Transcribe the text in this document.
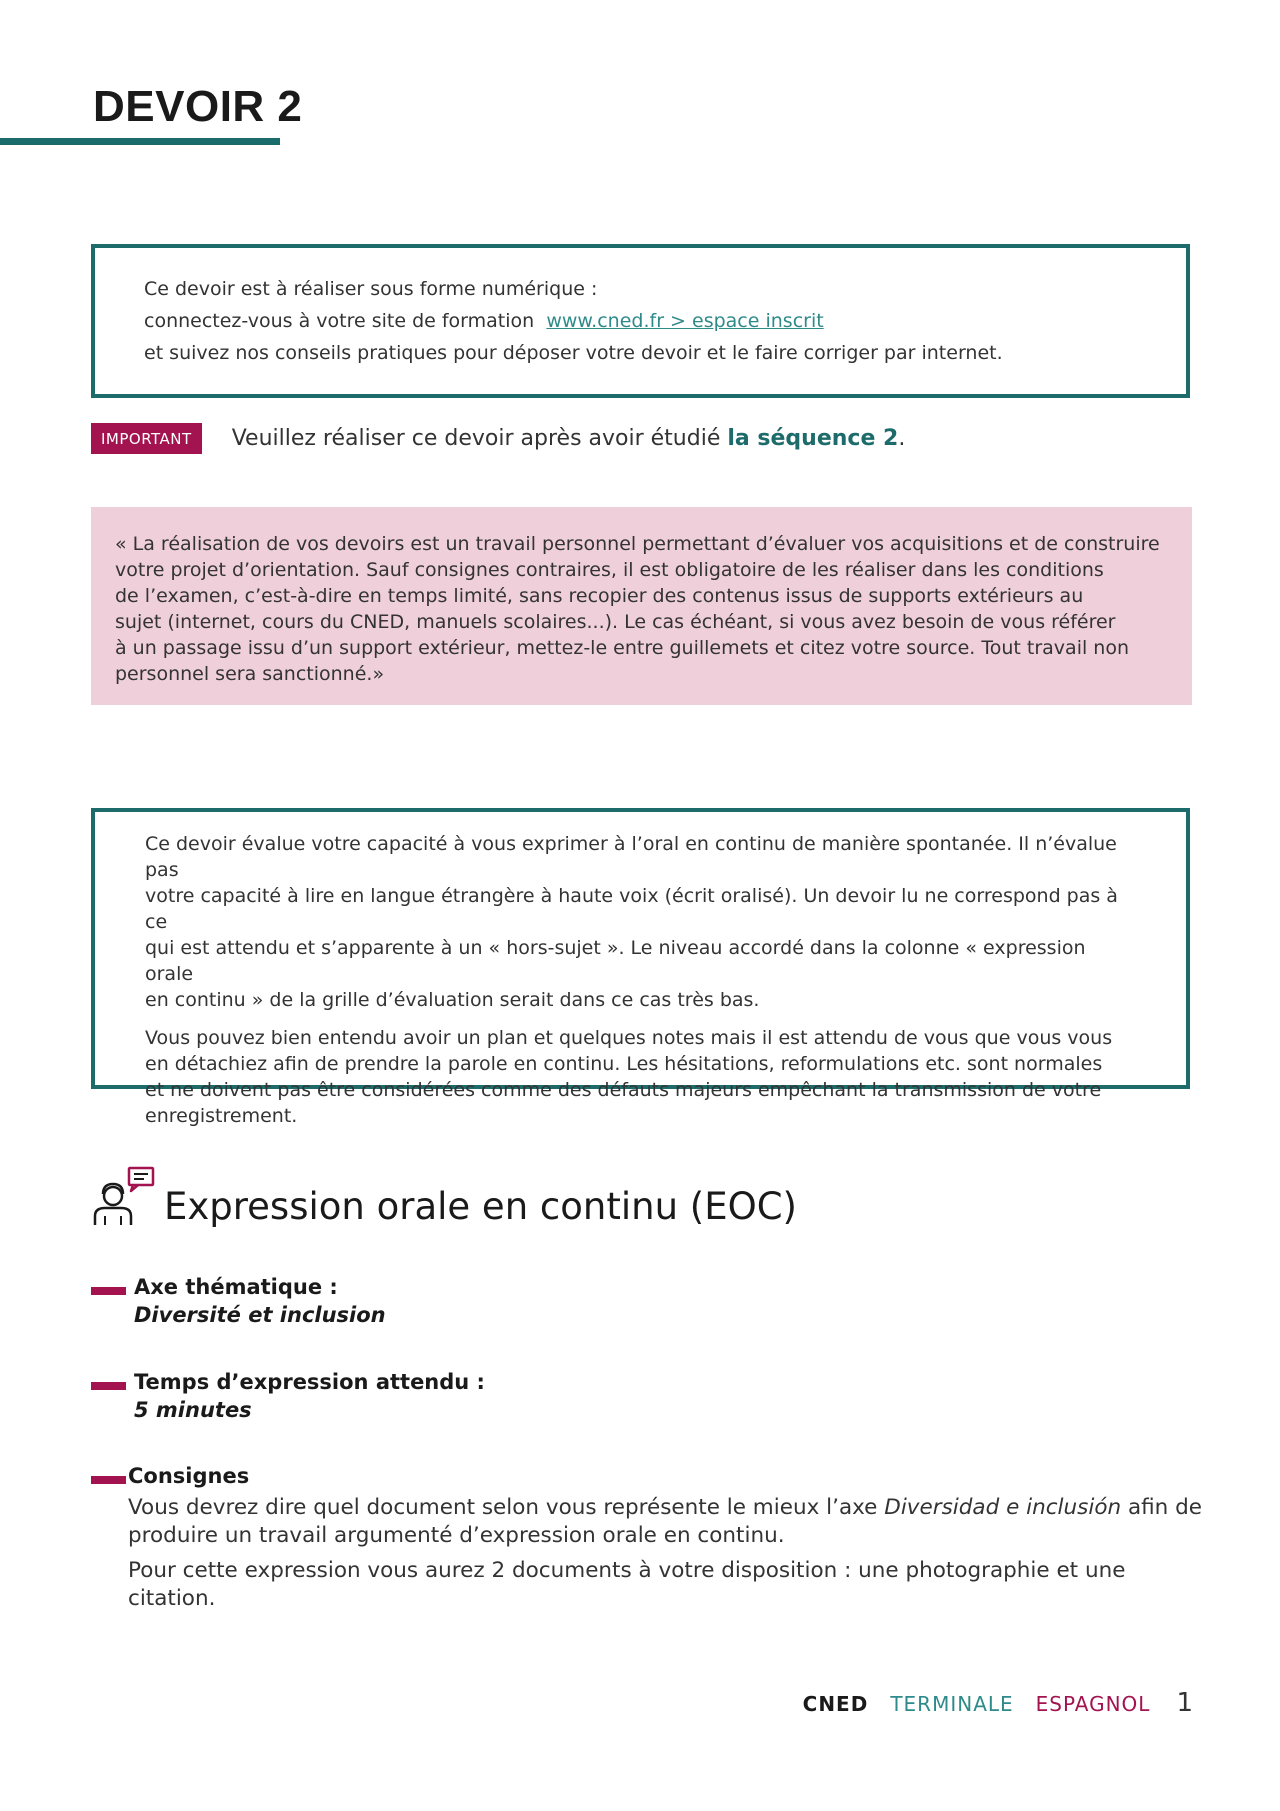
DEVOIR 2

Ce devoir est à réaliser sous forme numérique :

connectez-vous à votre site de formation www.cned.fr > espace inscrit

et suivez nos conseils pratiques pour déposer votre devoir et le faire corriger par internet.

IMPORTANT	Veuillez réaliser ce devoir après avoir étudié la séquence 2.

« La réalisation de vos devoirs est un travail personnel permettant d’évaluer vos acquisitions et de construire

votre projet d’orientation. Sauf consignes contraires, il est obligatoire de les réaliser dans les conditions

de l’examen, c’est-à-dire en temps limité, sans recopier des contenus issus de supports extérieurs au

sujet (internet, cours du CNED, manuels scolaires...). Le cas échéant, si vous avez besoin de vous référer

à un passage issu d’un support extérieur, mettez-le entre guillemets et citez votre source. Tout travail non

personnel sera sanctionné.»

Ce devoir évalue votre capacité à vous exprimer à l’oral en continu de manière spontanée. Il n’évalue pas
votre capacité à lire en langue étrangère à haute voix (écrit oralisé). Un devoir lu ne correspond pas à ce
qui est attendu et s’apparente à un « hors-sujet ». Le niveau accordé dans la colonne « expression orale
en continu » de la grille d’évaluation serait dans ce cas très bas.

Vous pouvez bien entendu avoir un plan et quelques notes mais il est attendu de vous que vous vous
en détachiez afin de prendre la parole en continu. Les hésitations, reformulations etc. sont normales
et ne doivent pas être considérées comme des défauts majeurs empêchant la transmission de votre
enregistrement.

Expression orale en continu (EOC)
Axe thématique :
Diversité et inclusion
Temps d’expression attendu :
5 minutes
Consignes

Vous devrez dire quel document selon vous représente le mieux l’axe Diversidad e inclusión afin de
produire un travail argumenté d’expression orale en continu.

Pour cette expression vous aurez 2 documents à votre disposition : une photographie et une citation.

CNED TERMINALE ESPAGNOL 1
